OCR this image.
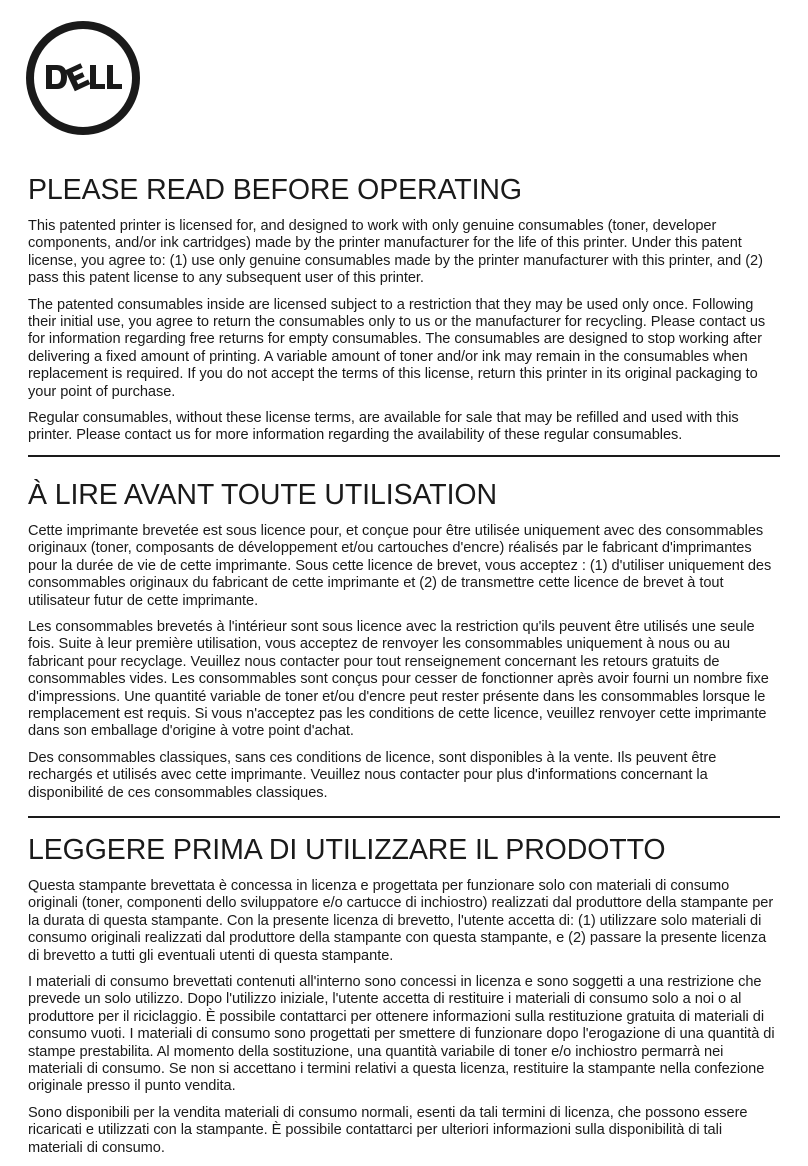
PLEASE READ BEFORE OPERATING

This patented printer is licensed for, and designed to work with only genuine consumables (toner, developer components, and/or ink cartridges) made by the printer manufacturer for the life of this printer. Under this patent license, you agree to: (1) use only genuine consumables made by the printer manufacturer with this printer, and (2) pass this patent license to any subsequent user of this printer.

The patented consumables inside are licensed subject to a restriction that they may be used only once. Following their initial use, you agree to return the consumables only to us or the manufacturer for recycling. Please contact us for information regarding free returns for empty consumables. The consumables are designed to stop working after delivering a fixed amount of printing. A variable amount of toner and/or ink may remain in the consumables when replacement is required. If you do not accept the terms of this license, return this printer in its original packaging to your point of purchase.

Regular consumables, without these license terms, are available for sale that may be refilled and used with this printer. Please contact us for more information regarding the availability of these regular consumables.

À LIRE AVANT TOUTE UTILISATION

Cette imprimante brevetée est sous licence pour, et conçue pour être utilisée uniquement avec des consommables originaux (toner, composants de développement et/ou cartouches d'encre) réalisés par le fabricant d'imprimantes pour la durée de vie de cette imprimante. Sous cette licence de brevet, vous acceptez : (1) d'utiliser uniquement des consommables originaux du fabricant de cette imprimante et (2) de transmettre cette licence de brevet à tout utilisateur futur de cette imprimante.

Les consommables brevetés à l'intérieur sont sous licence avec la restriction qu'ils peuvent être utilisés une seule fois. Suite à leur première utilisation, vous acceptez de renvoyer les consommables uniquement à nous ou au fabricant pour recyclage. Veuillez nous contacter pour tout renseignement concernant les retours gratuits de consommables vides. Les consommables sont conçus pour cesser de fonctionner après avoir fourni un nombre fixe d'impressions. Une quantité variable de toner et/ou d'encre peut rester présente dans les consommables lorsque le remplacement est requis. Si vous n'acceptez pas les conditions de cette licence, veuillez renvoyer cette imprimante dans son emballage d'origine à votre point d'achat.

Des consommables classiques, sans ces conditions de licence, sont disponibles à la vente. Ils peuvent être rechargés et utilisés avec cette imprimante. Veuillez nous contacter pour plus d'informations concernant la disponibilité de ces consommables classiques.

LEGGERE PRIMA DI UTILIZZARE IL PRODOTTO

Questa stampante brevettata è concessa in licenza e progettata per funzionare solo con materiali di consumo originali (toner, componenti dello sviluppatore e/o cartucce di inchiostro) realizzati dal produttore della stampante per la durata di questa stampante. Con la presente licenza di brevetto, l'utente accetta di: (1) utilizzare solo materiali di consumo originali realizzati dal produttore della stampante con questa stampante, e (2) passare la presente licenza di brevetto a tutti gli eventuali utenti di questa stampante.

I materiali di consumo brevettati contenuti all'interno sono concessi in licenza e sono soggetti a una restrizione che prevede un solo utilizzo. Dopo l'utilizzo iniziale, l'utente accetta di restituire i materiali di consumo solo a noi o al produttore per il riciclaggio. È possibile contattarci per ottenere informazioni sulla restituzione gratuita di materiali di consumo vuoti. I materiali di consumo sono progettati per smettere di funzionare dopo l'erogazione di una quantità di stampe prestabilita. Al momento della sostituzione, una quantità variabile di toner e/o inchiostro permarrà nei materiali di consumo. Se non si accettano i termini relativi a questa licenza, restituire la stampante nella confezione originale presso il punto vendita.

Sono disponibili per la vendita materiali di consumo normali, esenti da tali termini di licenza, che possono essere ricaricati e utilizzati con la stampante. È possibile contattarci per ulteriori informazioni sulla disponibilità di tali materiali di consumo.
